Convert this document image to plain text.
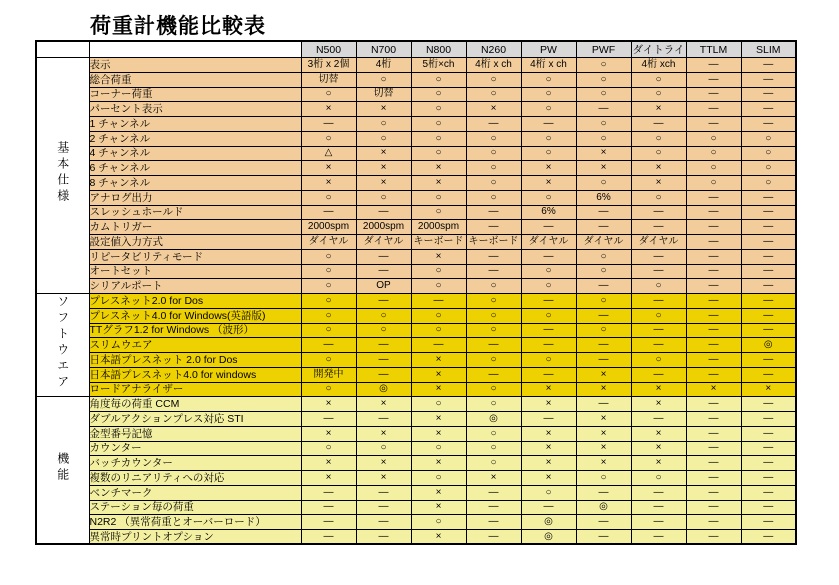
荷重計機能比較表
		N500	N700	N800	N260	PW	PWF	ダイトライ	TTLM	SLIM
基本仕様	表示	3桁 x 2個	4桁	5桁×ch	4桁 x ch	4桁 x ch	○	4桁 xch	—	—
	総合荷重	切替	○	○	○	○	○	○	—	—
	コーナー荷重	○	切替	○	○	○	○	○	—	—
	パーセント表示	×	×	○	×	○	—	×	—	—
	1 チャンネル	—	○	○	—	—	○	—	—	—
	2 チャンネル	○	○	○	○	○	○	○	○	○
	4 チャンネル	△	×	○	○	○	×	○	○	○
	6 チャンネル	×	×	×	○	×	×	×	○	○
	8 チャンネル	×	×	×	○	×	○	×	○	○
	アナログ出力	○	○	○	○	○	6%	○	—	—
	スレッシュホールド	—	—	○	—	6%	—	—	—	—
	カムトリガー	2000spm	2000spm	2000spm	—	—	—	—	—	—
	設定値入力方式	ダイヤル	ダイヤル	キーボード	キーボード	ダイヤル	ダイヤル	ダイヤル	—	—
	リピータビリティモード	○	—	×	—	—	○	—	—	—
	オートセット	○	—	○	—	○	○	—	—	—
	シリアルポート	○	OP	○	○	○	—	○	—	—
ソフトウエア	プレスネット2.0 for Dos	○	—	—	○	—	○	—	—	—
	プレスネット4.0 for Windows(英語版)	○	○	○	○	○	—	○	—	—
	TTグラフ1.2 for Windows （波形）	○	○	○	○	—	○	—	—	—
	スリムウエア	—	—	—	—	—	—	—	—	◎
	日本語プレスネット 2.0 for Dos	○	—	×	○	○	—	○	—	—
	日本語プレスネット4.0 for windows	開発中	—	×	—	—	×	—	—	—
	ロードアナライザー	○	◎	×	○	×	×	×	×	×
機能	角度毎の荷重 CCM	×	×	○	○	×	—	×	—	—
	ダブルアクションプレス対応 STI	—	—	×	◎	—	×	—	—	—
	金型番号記憶	×	×	×	○	×	×	×	—	—
	カウンター	○	○	○	○	×	×	×	—	—
	バッチカウンター	×	×	×	○	×	×	×	—	—
	複数のリニアリティへの対応	×	×	○	×	×	○	○	—	—
	ベンチマーク	—	—	×	—	○	—	—	—	—
	ステーション毎の荷重	—	—	×	—	—	◎	—	—	—
	N2R2 （異常荷重とオーバーロード）	—	—	○	—	◎	—	—	—	—
	異常時プリントオプション	—	—	×	—	◎	—	—	—	—
